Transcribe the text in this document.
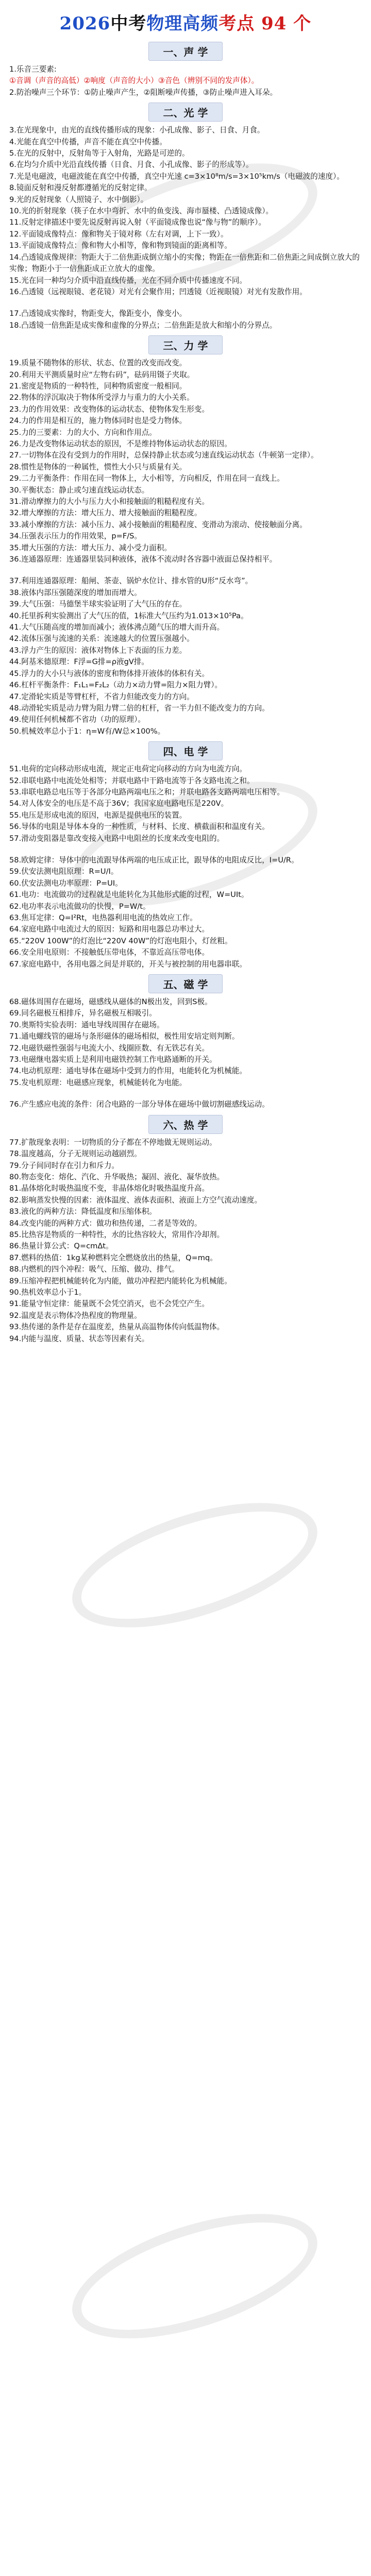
2026中考物理高频考点 94 个
一、声 学
1.乐音三要素:
①音调（声音的高低）②响度（声音的大小）③音色（辨别不同的发声体）。
2.防治噪声三个环节：①防止噪声产生，②阻断噪声传播，③防止噪声进入耳朵。
二、光 学
3.在光现象中，由光的直线传播形成的现象：小孔成像、影子、日食、月食。
4.光能在真空中传播，声音不能在真空中传播。
5.在光的反射中，反射角等于入射角，光路是可逆的。
6.在均匀介质中光沿直线传播（日食、月食、小孔成像、影子的形成等）。
7.光是电磁波，电磁波能在真空中传播，真空中光速 c=3×10⁸m/s=3×10⁵km/s（电磁波的速度）。
8.镜面反射和漫反射都遵循光的反射定律。
9.光的反射现象（人照镜子、水中倒影）。
10.光的折射现象（筷子在水中弯折、水中的鱼变浅、海市蜃楼、凸透镜成像）。
11.反射定律描述中要先说反射再说入射（平面镜成像也说“像与物”的顺序）。
12.平面镜成像特点：像和物关于镜对称（左右对调，上下一致）。
13.平面镜成像特点：像和物大小相等，像和物到镜面的距离相等。
14.凸透镜成像规律：物距大于二倍焦距成倒立缩小的实像；物距在一倍焦距和二倍焦距之间成倒立放大的实像；物距小于一倍焦距成正立放大的虚像。
15.光在同一种均匀介质中沿直线传播，光在不同介质中传播速度不同。
16.凸透镜（远视眼镜、老花镜）对光有会聚作用；凹透镜（近视眼镜）对光有发散作用。
17.凸透镜成实像时，物距变大，像距变小，像变小。
18.凸透镜一倍焦距是成实像和虚像的分界点；二倍焦距是放大和缩小的分界点。
三、力 学
19.质量不随物体的形状、状态、位置的改变而改变。
20.利用天平测质量时应“左物右码”，砝码用镊子夹取。
21.密度是物质的一种特性，同种物质密度一般相同。
22.物体的浮沉取决于物体所受浮力与重力的大小关系。
23.力的作用效果：改变物体的运动状态、使物体发生形变。
24.力的作用是相互的，施力物体同时也是受力物体。
25.力的三要素：力的大小、方向和作用点。
26.力是改变物体运动状态的原因，不是维持物体运动状态的原因。
27.一切物体在没有受到力的作用时，总保持静止状态或匀速直线运动状态（牛顿第一定律）。
28.惯性是物体的一种属性，惯性大小只与质量有关。
29.二力平衡条件：作用在同一物体上，大小相等，方向相反，作用在同一直线上。
30.平衡状态：静止或匀速直线运动状态。
31.滑动摩擦力的大小与压力大小和接触面的粗糙程度有关。
32.增大摩擦的方法：增大压力、增大接触面的粗糙程度。
33.减小摩擦的方法：减小压力、减小接触面的粗糙程度、变滑动为滚动、使接触面分离。
34.压强表示压力的作用效果，p=F/S。
35.增大压强的方法：增大压力、减小受力面积。
36.连通器原理：连通器里装同种液体，液体不流动时各容器中液面总保持相平。
37.利用连通器原理：船闸、茶壶、锅炉水位计、排水管的U形“反水弯”。
38.液体内部压强随深度的增加而增大。
39.大气压强：马德堡半球实验证明了大气压的存在。
40.托里拆利实验测出了大气压的值，1标准大气压约为1.013×10⁵Pa。
41.大气压随高度的增加而减小；液体沸点随气压的增大而升高。
42.流体压强与流速的关系：流速越大的位置压强越小。
43.浮力产生的原因：液体对物体上下表面的压力差。
44.阿基米德原理：F浮=G排=ρ液gV排。
45.浮力的大小只与液体的密度和物体排开液体的体积有关。
46.杠杆平衡条件：F₁L₁=F₂L₂（动力×动力臂=阻力×阻力臂）。
47.定滑轮实质是等臂杠杆，不省力但能改变力的方向。
48.动滑轮实质是动力臂为阻力臂二倍的杠杆，省一半力但不能改变力的方向。
49.使用任何机械都不省功（功的原理）。
50.机械效率总小于1：η=W有/W总×100%。
四、电 学
51.电荷的定向移动形成电流，规定正电荷定向移动的方向为电流方向。
52.串联电路中电流处处相等；并联电路中干路电流等于各支路电流之和。
53.串联电路总电压等于各部分电路两端电压之和；并联电路各支路两端电压相等。
54.对人体安全的电压是不高于36V；我国家庭电路电压是220V。
55.电压是形成电流的原因，电源是提供电压的装置。
56.导体的电阻是导体本身的一种性质，与材料、长度、横截面积和温度有关。
57.滑动变阻器是靠改变接入电路中电阻丝的长度来改变电阻的。
58.欧姆定律：导体中的电流跟导体两端的电压成正比，跟导体的电阻成反比，I=U/R。
59.伏安法测电阻原理：R=U/I。
60.伏安法测电功率原理：P=UI。
61.电功：电流做功的过程就是电能转化为其他形式能的过程，W=UIt。
62.电功率表示电流做功的快慢，P=W/t。
63.焦耳定律：Q=I²Rt，电热器利用电流的热效应工作。
64.家庭电路中电流过大的原因：短路和用电器总功率过大。
65.“220V 100W”的灯泡比“220V 40W”的灯泡电阻小，灯丝粗。
66.安全用电原则：不接触低压带电体，不靠近高压带电体。
67.家庭电路中，各用电器之间是并联的，开关与被控制的用电器串联。
五、磁 学
68.磁体周围存在磁场，磁感线从磁体的N极出发，回到S极。
69.同名磁极互相排斥，异名磁极互相吸引。
70.奥斯特实验表明：通电导线周围存在磁场。
71.通电螺线管的磁场与条形磁体的磁场相似，极性用安培定则判断。
72.电磁铁磁性强弱与电流大小、线圈匝数、有无铁芯有关。
73.电磁继电器实质上是利用电磁铁控制工作电路通断的开关。
74.电动机原理：通电导体在磁场中受到力的作用，电能转化为机械能。
75.发电机原理：电磁感应现象，机械能转化为电能。
76.产生感应电流的条件：闭合电路的一部分导体在磁场中做切割磁感线运动。
六、热 学
77.扩散现象表明：一切物质的分子都在不停地做无规则运动。
78.温度越高，分子无规则运动越剧烈。
79.分子间同时存在引力和斥力。
80.物态变化：熔化、汽化、升华吸热；凝固、液化、凝华放热。
81.晶体熔化时吸热温度不变，非晶体熔化时吸热温度升高。
82.影响蒸发快慢的因素：液体温度、液体表面积、液面上方空气流动速度。
83.液化的两种方法：降低温度和压缩体积。
84.改变内能的两种方式：做功和热传递，二者是等效的。
85.比热容是物质的一种特性，水的比热容较大，常用作冷却剂。
86.热量计算公式：Q=cmΔt。
87.燃料的热值：1kg某种燃料完全燃烧放出的热量，Q=mq。
88.内燃机的四个冲程：吸气、压缩、做功、排气。
89.压缩冲程把机械能转化为内能，做功冲程把内能转化为机械能。
90.热机效率总小于1。
91.能量守恒定律：能量既不会凭空消灭，也不会凭空产生。
92.温度是表示物体冷热程度的物理量。
93.热传递的条件是存在温度差，热量从高温物体传向低温物体。
94.内能与温度、质量、状态等因素有关。
